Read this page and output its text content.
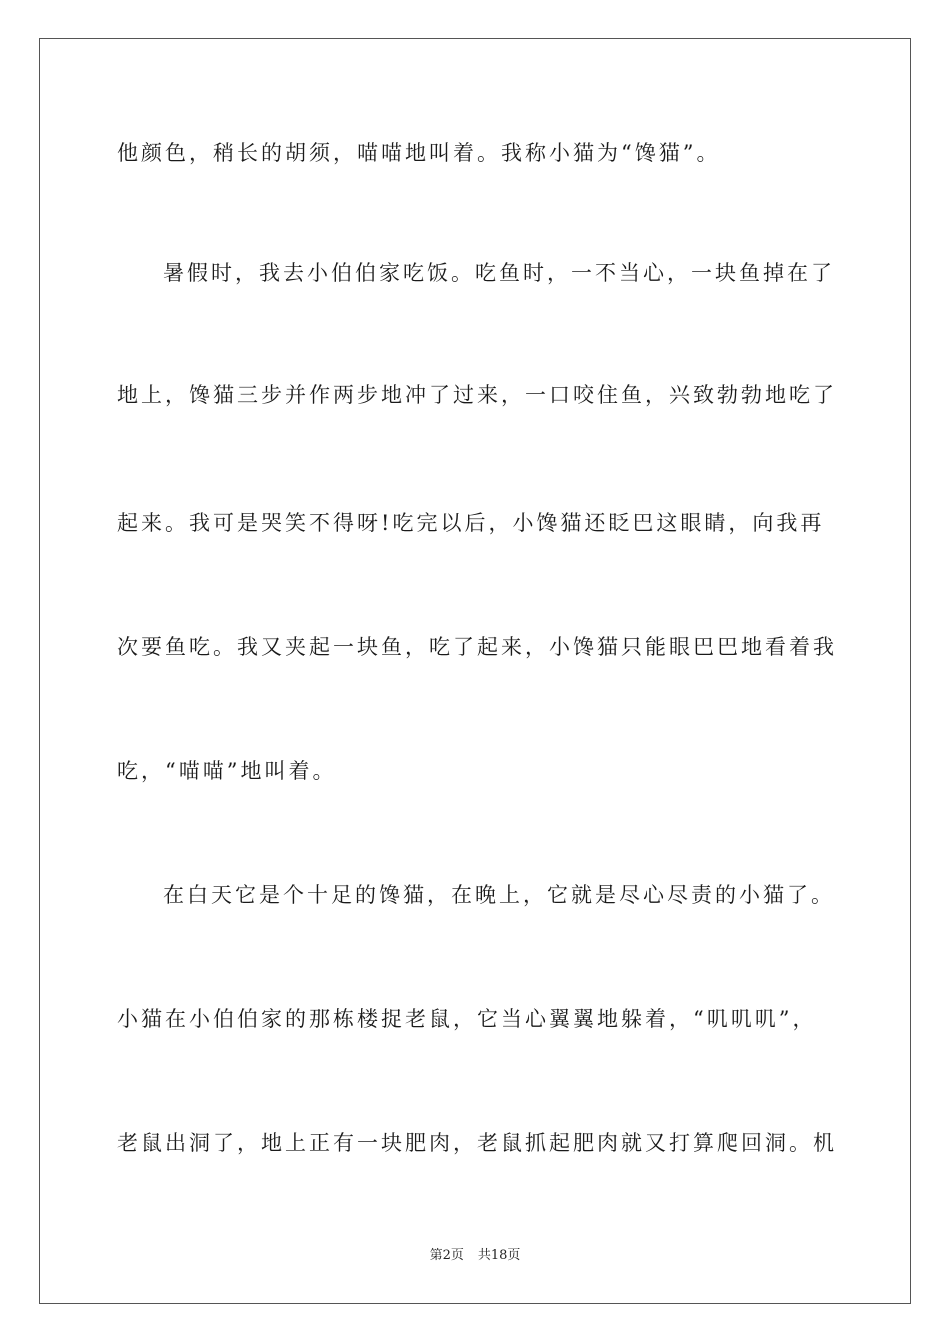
他颜色，稍长的胡须，喵喵地叫着。我称小猫为“馋猫”。

暑假时，我去小伯伯家吃饭。吃鱼时，一不当心，一块鱼掉在了

地上，馋猫三步并作两步地冲了过来，一口咬住鱼，兴致勃勃地吃了

起来。我可是哭笑不得呀!吃完以后，小馋猫还眨巴这眼睛，向我再

次要鱼吃。我又夹起一块鱼，吃了起来，小馋猫只能眼巴巴地看着我

吃，“喵喵”地叫着。

在白天它是个十足的馋猫，在晚上，它就是尽心尽责的小猫了。

小猫在小伯伯家的那栋楼捉老鼠，它当心翼翼地躲着，“叽叽叽”，

老鼠出洞了，地上正有一块肥肉，老鼠抓起肥肉就又打算爬回洞。机

第2页 共18页
